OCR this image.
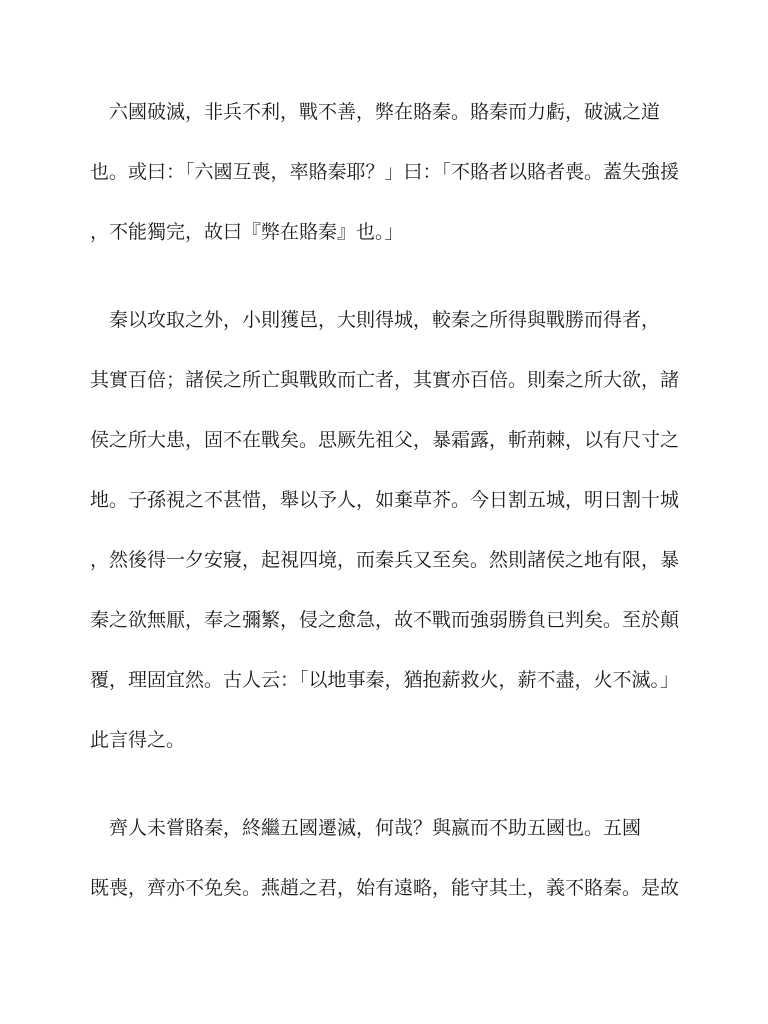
　六國破滅，非兵不利，戰不善，弊在賂秦。賂秦而力虧，破滅之道
也。或曰：「六國互喪，率賂秦耶？」曰：「不賂者以賂者喪。蓋失強援
，不能獨完，故曰『弊在賂秦』也。」
　秦以攻取之外，小則獲邑，大則得城，較秦之所得與戰勝而得者，
其實百倍；諸侯之所亡與戰敗而亡者，其實亦百倍。則秦之所大欲，諸
侯之所大患，固不在戰矣。思厥先祖父，暴霜露，斬荊棘，以有尺寸之
地。子孫視之不甚惜，舉以予人，如棄草芥。今日割五城，明日割十城
，然後得一夕安寢，起視四境，而秦兵又至矣。然則諸侯之地有限，暴
秦之欲無厭，奉之彌繁，侵之愈急，故不戰而強弱勝負已判矣。至於顛
覆，理固宜然。古人云：「以地事秦，猶抱薪救火，薪不盡，火不滅。」
此言得之。
　齊人未嘗賂秦，終繼五國遷滅，何哉？與嬴而不助五國也。五國
既喪，齊亦不免矣。燕趙之君，始有遠略，能守其土，義不賂秦。是故
